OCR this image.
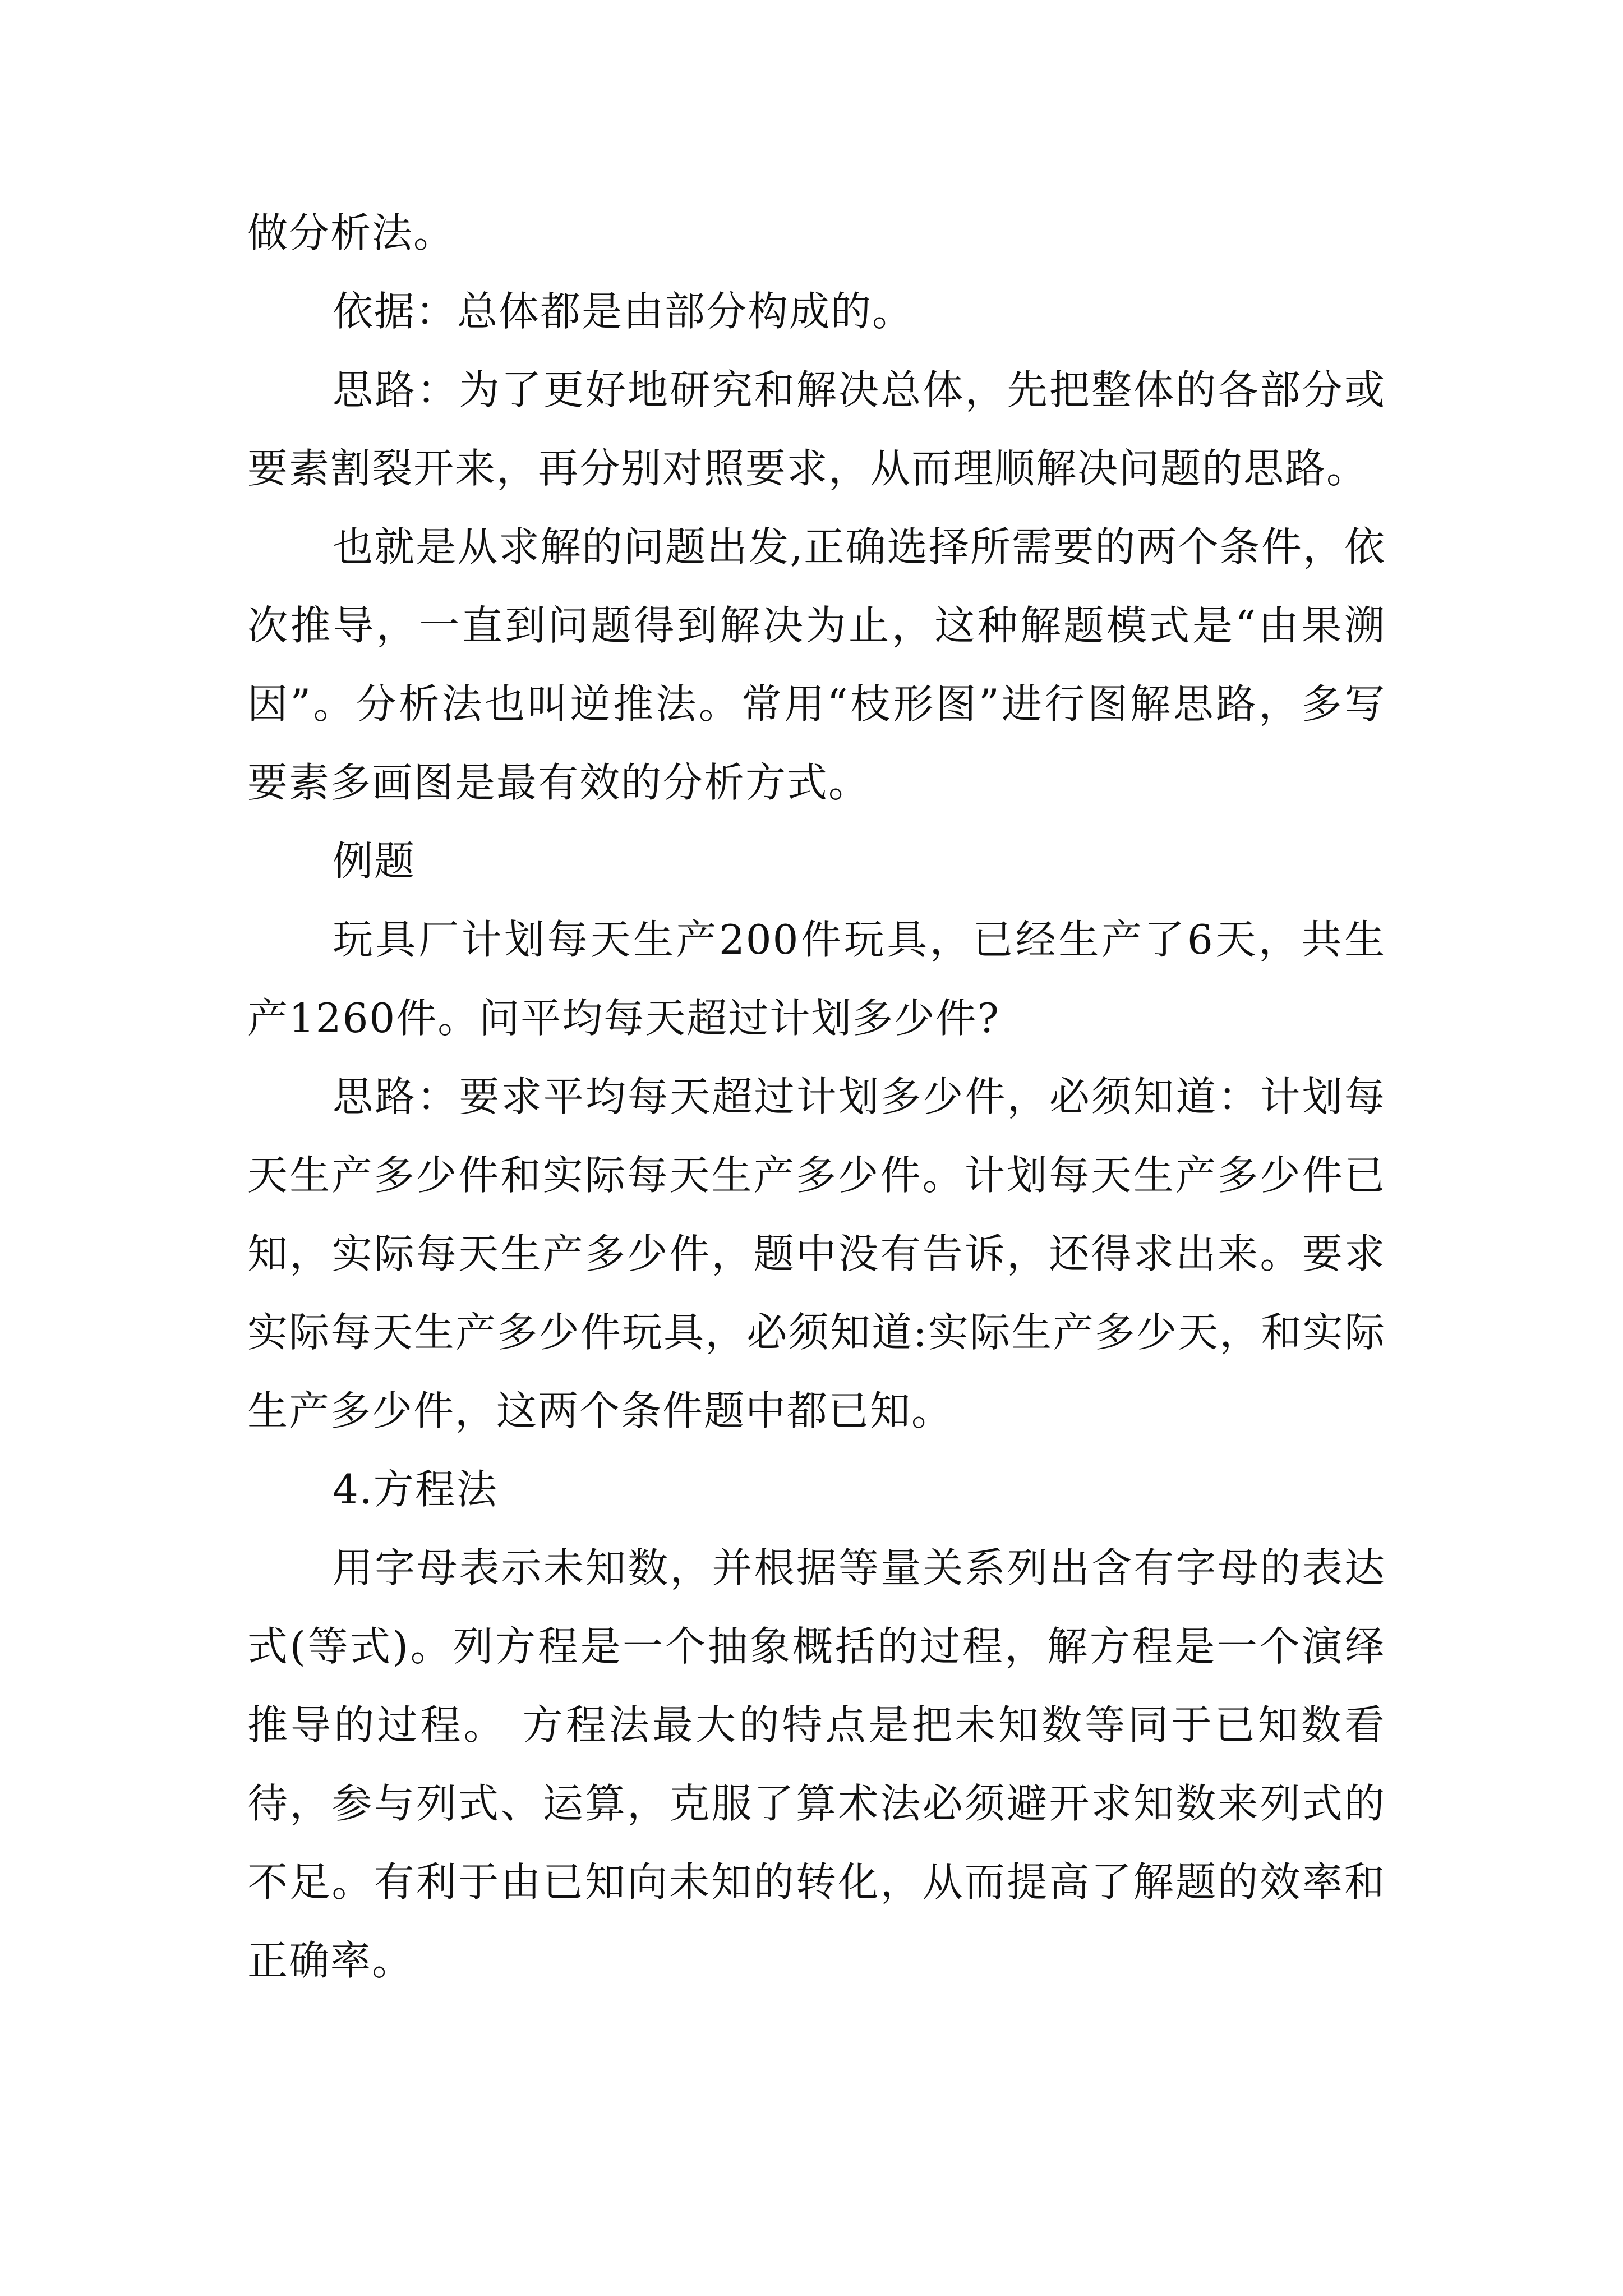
做分析法。

依据：总体都是由部分构成的。

思路：为了更好地研究和解决总体，先把整体的各部分或要素割裂开来，再分别对照要求，从而理顺解决问题的思路。

也就是从求解的问题出发,正确选择所需要的两个条件，依次推导，一直到问题得到解决为止，这种解题模式是“由果溯因”。分析法也叫逆推法。常用“枝形图”进行图解思路，多写要素多画图是最有效的分析方式。

例题

玩具厂计划每天生产200件玩具，已经生产了6天，共生产1260件。问平均每天超过计划多少件?

思路：要求平均每天超过计划多少件，必须知道：计划每天生产多少件和实际每天生产多少件。计划每天生产多少件已知，实际每天生产多少件，题中没有告诉，还得求出来。要求实际每天生产多少件玩具，必须知道:实际生产多少天，和实际生产多少件，这两个条件题中都已知。

4.方程法

用字母表示未知数，并根据等量关系列出含有字母的表达式(等式)。列方程是一个抽象概括的过程，解方程是一个演绎推导的过程。 方程法最大的特点是把未知数等同于已知数看待，参与列式、运算，克服了算术法必须避开求知数来列式的不足。有利于由已知向未知的转化，从而提高了解题的效率和正确率。
